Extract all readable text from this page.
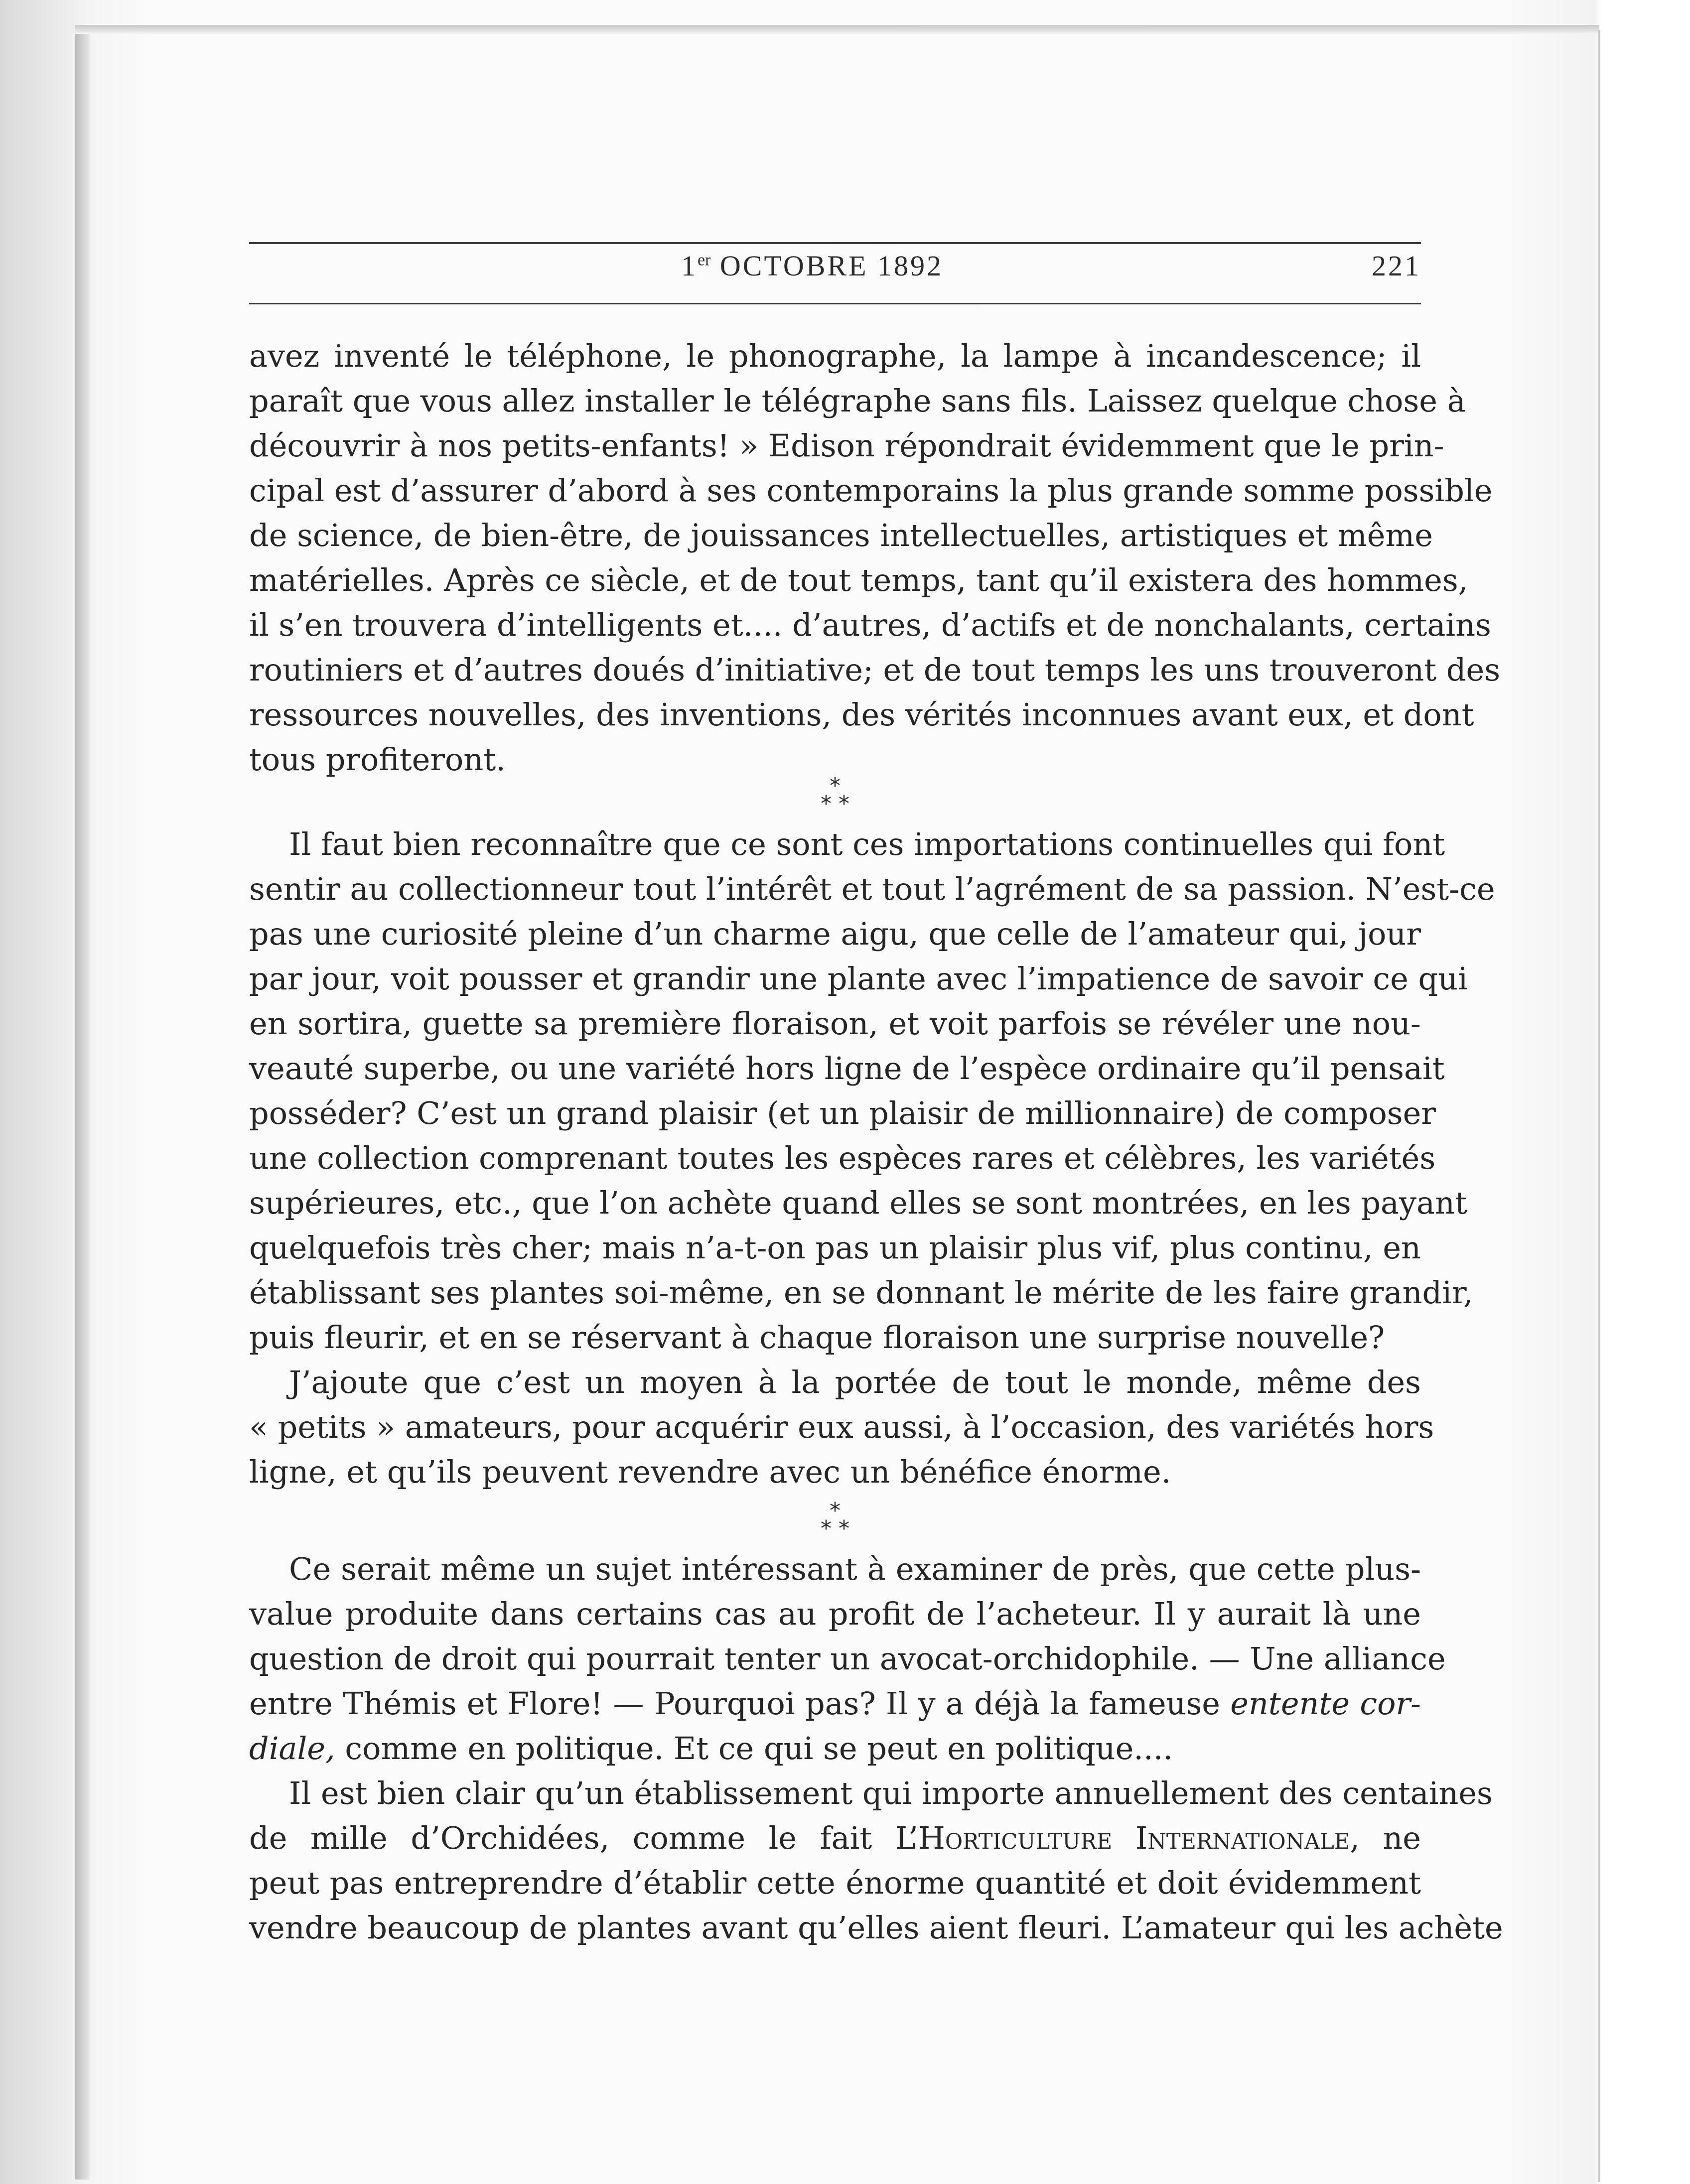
1er OCTOBRE 1892	221
avez inventé le téléphone, le phonographe, la lampe à incandescence; il
paraît que vous allez installer le télégraphe sans fils. Laissez quelque chose à
découvrir à nos petits-enfants! » Edison répondrait évidemment que le prin-
cipal est d’assurer d’abord à ses contemporains la plus grande somme possible
de science, de bien-être, de jouissances intellectuelles, artistiques et même
matérielles. Après ce siècle, et de tout temps, tant qu’il existera des hommes,
il s’en trouvera d’intelligents et.... d’autres, d’actifs et de nonchalants, certains
routiniers et d’autres doués d’initiative; et de tout temps les uns trouveront des
ressources nouvelles, des inventions, des vérités inconnues avant eux, et dont
tous profiteront.
*
* *
Il faut bien reconnaître que ce sont ces importations continuelles qui font
sentir au collectionneur tout l’intérêt et tout l’agrément de sa passion. N’est-ce
pas une curiosité pleine d’un charme aigu, que celle de l’amateur qui, jour
par jour, voit pousser et grandir une plante avec l’impatience de savoir ce qui
en sortira, guette sa première floraison, et voit parfois se révéler une nou-
veauté superbe, ou une variété hors ligne de l’espèce ordinaire qu’il pensait
posséder? C’est un grand plaisir (et un plaisir de millionnaire) de composer
une collection comprenant toutes les espèces rares et célèbres, les variétés
supérieures, etc., que l’on achète quand elles se sont montrées, en les payant
quelquefois très cher; mais n’a-t-on pas un plaisir plus vif, plus continu, en
établissant ses plantes soi-même, en se donnant le mérite de les faire grandir,
puis fleurir, et en se réservant à chaque floraison une surprise nouvelle?
J’ajoute que c’est un moyen à la portée de tout le monde, même des
« petits » amateurs, pour acquérir eux aussi, à l’occasion, des variétés hors
ligne, et qu’ils peuvent revendre avec un bénéfice énorme.
*
* *
Ce serait même un sujet intéressant à examiner de près, que cette plus-
value produite dans certains cas au profit de l’acheteur. Il y aurait là une
question de droit qui pourrait tenter un avocat-orchidophile. — Une alliance
entre Thémis et Flore! — Pourquoi pas? Il y a déjà la fameuse entente cor-
diale, comme en politique. Et ce qui se peut en politique....
Il est bien clair qu’un établissement qui importe annuellement des centaines
de mille d’Orchidées, comme le fait L’Horticulture Internationale, ne
peut pas entreprendre d’établir cette énorme quantité et doit évidemment
vendre beaucoup de plantes avant qu’elles aient fleuri. L’amateur qui les achète
